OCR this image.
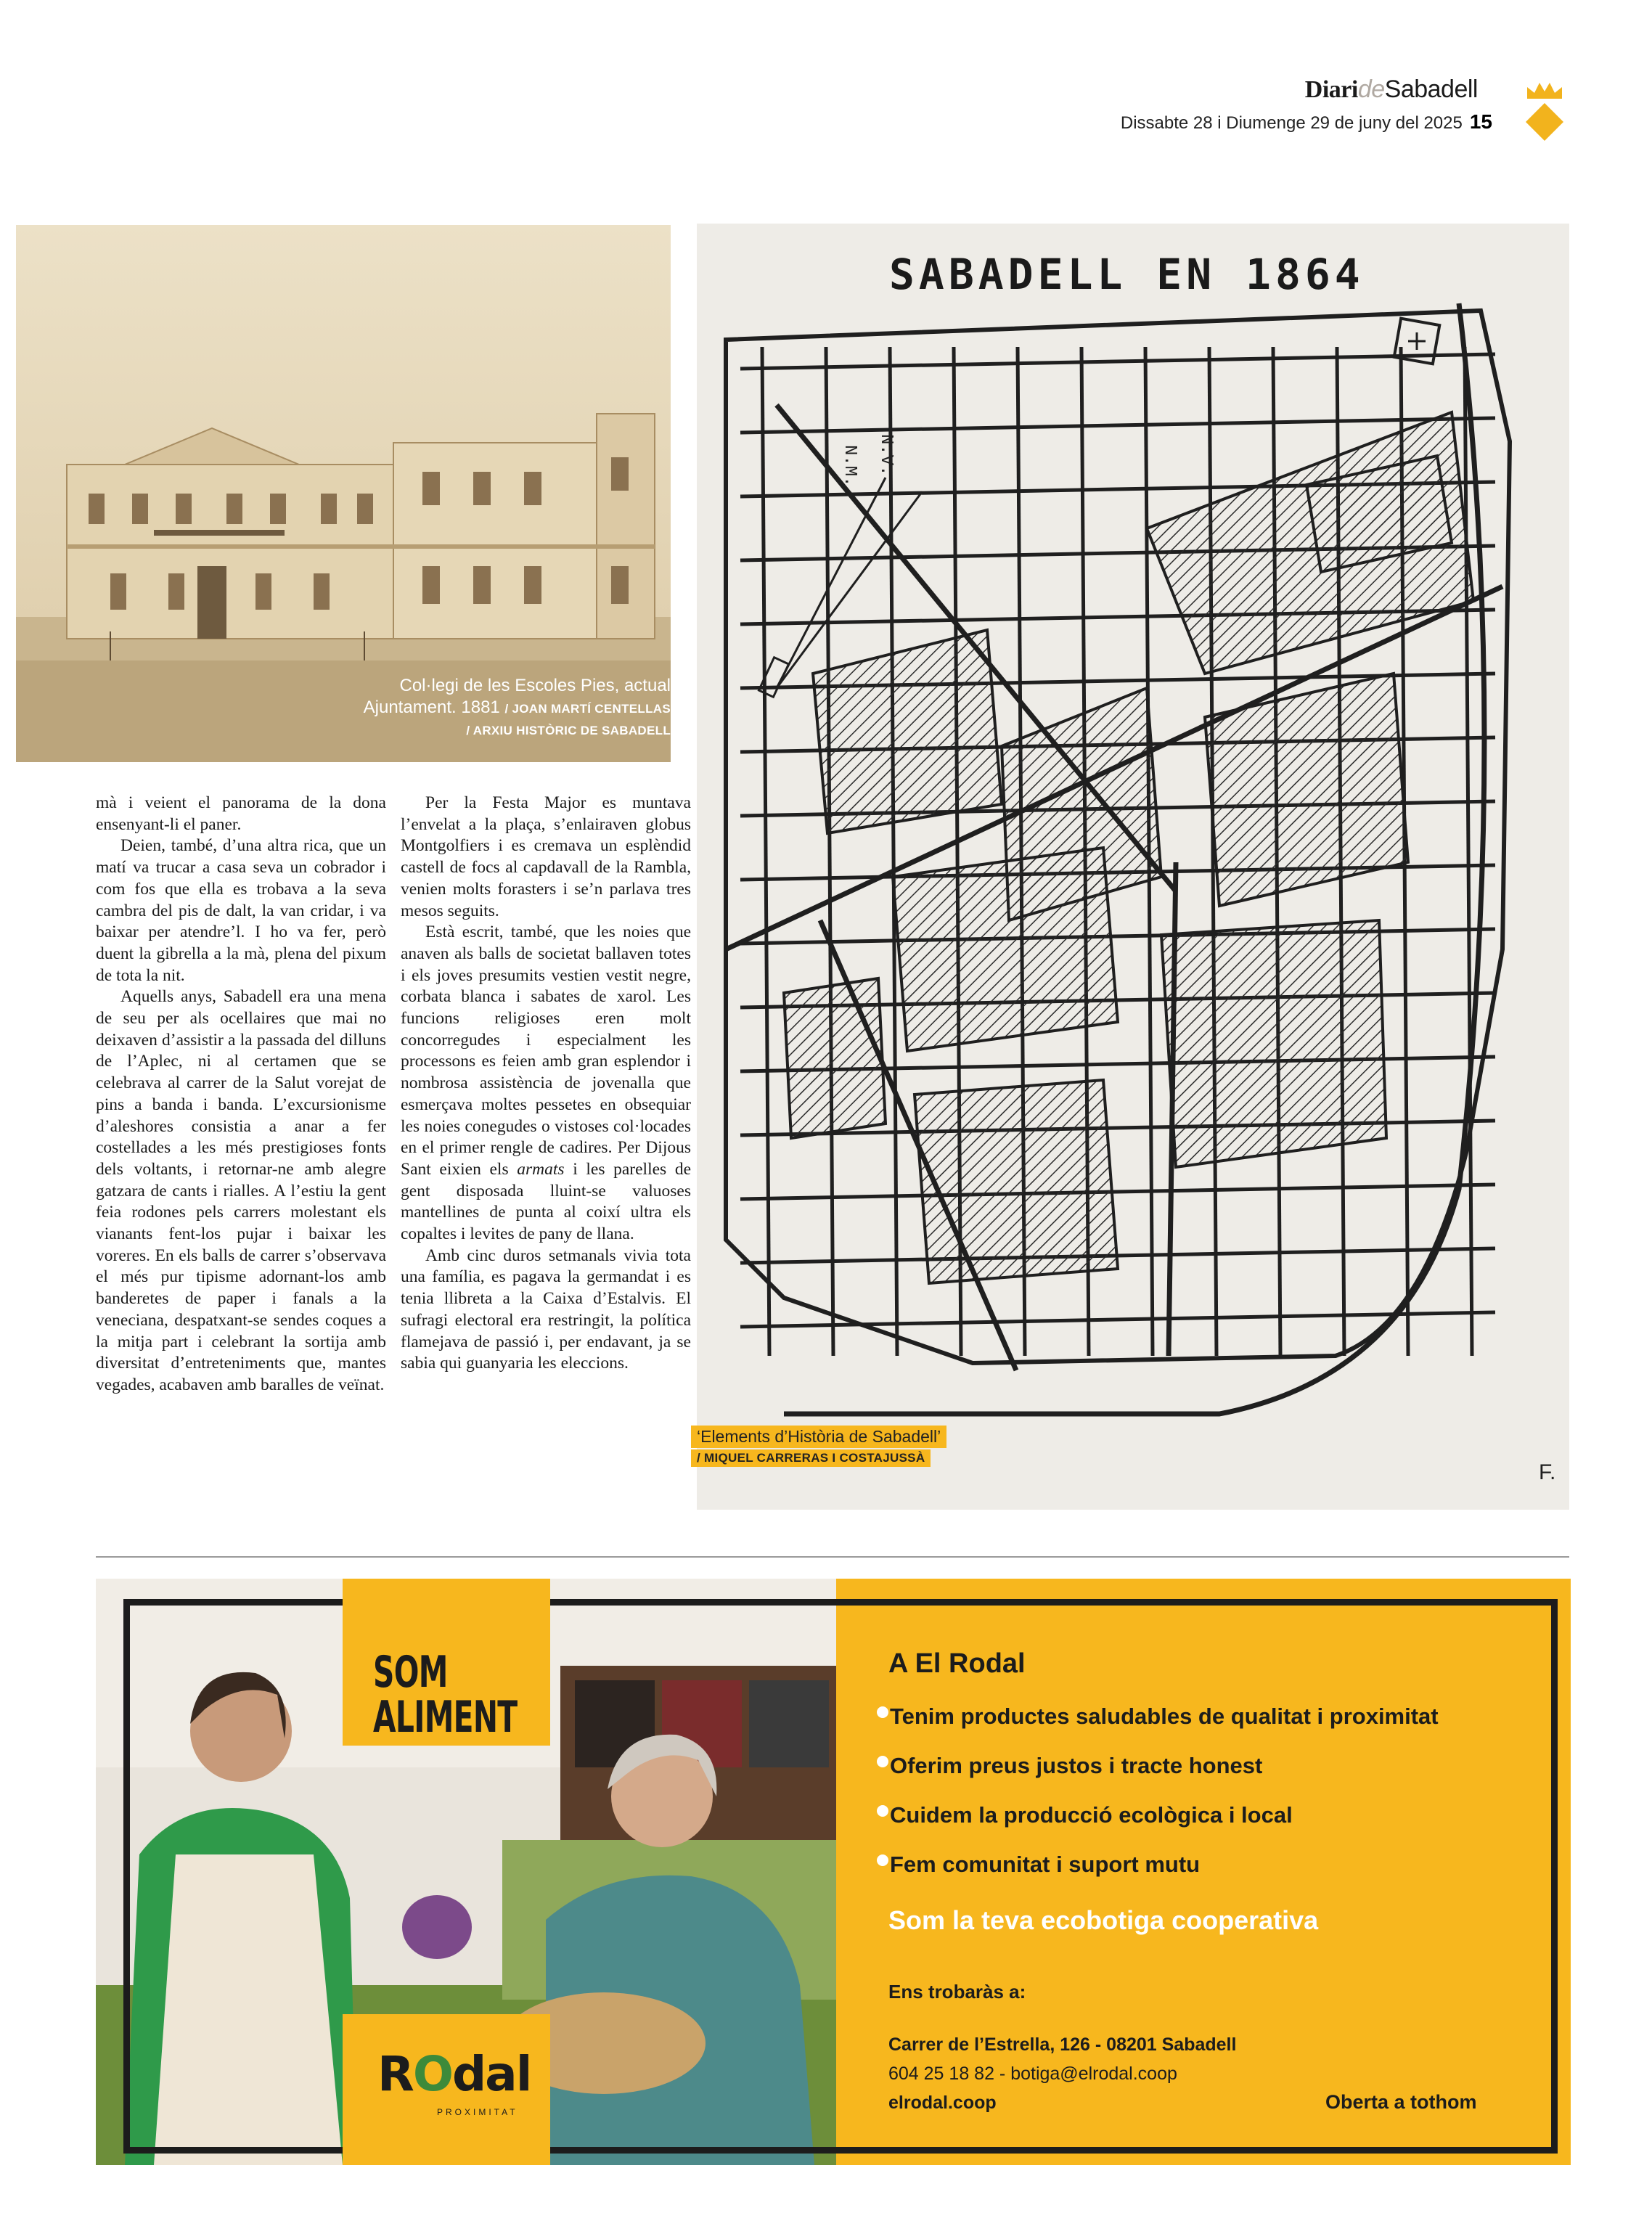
DiarideSabadell
Dissabte 28 i Diumenge 29 de juny del 2025 15
Col·legi de les Escoles Pies, actual
Ajuntament. 1881 / JOAN MARTÍ CENTELLAS
/ ARXIU HISTÒRIC DE SABADELL
N.M. N.V.
SABADELL EN 1864
F.
‘Elements d’Història de Sabadell’
/ MIQUEL CARRERAS I COSTAJUSSÀ

mà i veient el panorama de la dona ensenyant-li el paner.

Deien, també, d’una altra rica, que un matí va trucar a casa seva un cobrador i com fos que ella es trobava a la seva cambra del pis de dalt, la van cridar, i va baixar per atendre’l. I ho va fer, però duent la gibrella a la mà, plena del pixum de tota la nit.

Aquells anys, Sabadell era una mena de seu per als ocellaires que mai no deixaven d’assistir a la passada del dilluns de l’Aplec, ni al certamen que se celebrava al carrer de la Salut vorejat de pins a banda i banda. L’excursionisme d’aleshores consistia a anar a fer costellades a les més prestigioses fonts dels voltants, i retornar-ne amb alegre gatzara de cants i rialles. A l’estiu la gent feia rodones pels carrers molestant els vianants fent-los pujar i baixar les voreres. En els balls de carrer s’observava el més pur tipisme adornant-los amb banderetes de paper i fanals a la veneciana, despatxant-se sendes coques a la mitja part i celebrant la sortija amb diversitat d’entreteniments que, mantes vegades, acabaven amb baralles de veïnat.

Per la Festa Major es muntava l’envelat a la plaça, s’enlairaven globus Montgolfiers i es cremava un esplèndid castell de focs al capdavall de la Rambla, venien molts forasters i se’n parlava tres mesos seguits.

Està escrit, també, que les noies que anaven als balls de societat ballaven totes i els joves presumits vestien vestit negre, corbata blanca i sabates de xarol. Les funcions religioses eren molt concorregudes i especialment les processons es feien amb gran esplendor i nombrosa assistència de jovenalla que esmerçava moltes pessetes en obsequiar les noies conegudes o vistoses col·locades en el primer rengle de cadires. Per Dijous Sant eixien els armats i les parelles de gent disposada lluint-se valuoses mantellines de punta al coixí ultra els copaltes i levites de pany de llana.

Amb cinc duros setmanals vivia tota una família, es pagava la germandat i es tenia llibreta a la Caixa d’Estalvis. El sufragi electoral era restringit, la política flamejava de passió i, per endavant, ja se sabia qui guanyaria les eleccions.

SOM
ALIMENT
ROdal
PROXIMITAT
A El Rodal
Tenim productes saludables de qualitat i proximitat
Oferim preus justos i tracte honest
Cuidem la producció ecològica i local
Fem comunitat i suport mutu
Som la teva ecobotiga cooperativa
Ens trobaràs a:
Carrer de l’Estrella, 126 - 08201 Sabadell
604 25 18 82 - botiga@elrodal.coop
elrodal.coop	Oberta a tothom
